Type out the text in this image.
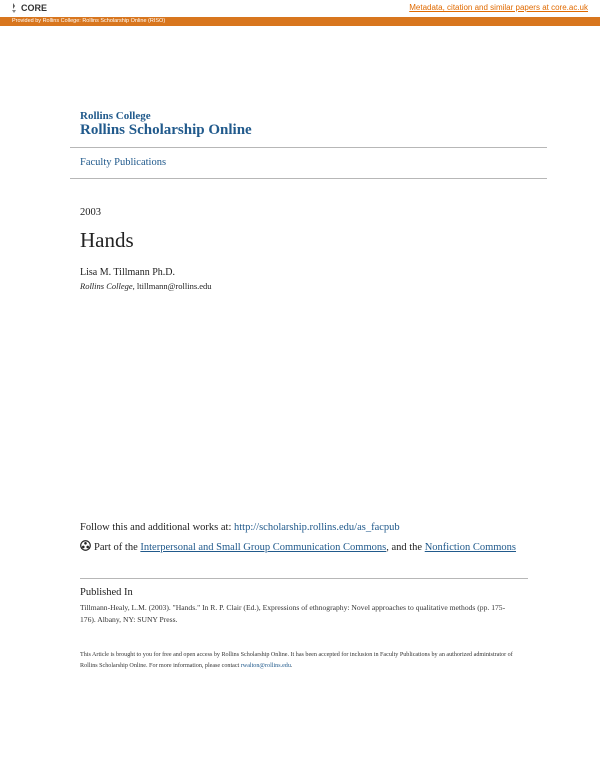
CORE	Metadata, citation and similar papers at core.ac.uk
Provided by Rollins College: Rollins Scholarship Online (RISO)
Rollins College
Rollins Scholarship Online
Faculty Publications
2003
Hands
Lisa M. Tillmann Ph.D.
Rollins College, ltillmann@rollins.edu
Follow this and additional works at: http://scholarship.rollins.edu/as_facpub
Part of the Interpersonal and Small Group Communication Commons, and the Nonfiction Commons
Published In
Tillmann-Healy, L.M. (2003). "Hands." In R. P. Clair (Ed.), Expressions of ethnography: Novel approaches to qualitative methods (pp. 175-176). Albany, NY: SUNY Press.
This Article is brought to you for free and open access by Rollins Scholarship Online. It has been accepted for inclusion in Faculty Publications by an authorized administrator of Rollins Scholarship Online. For more information, please contact rwalton@rollins.edu.
